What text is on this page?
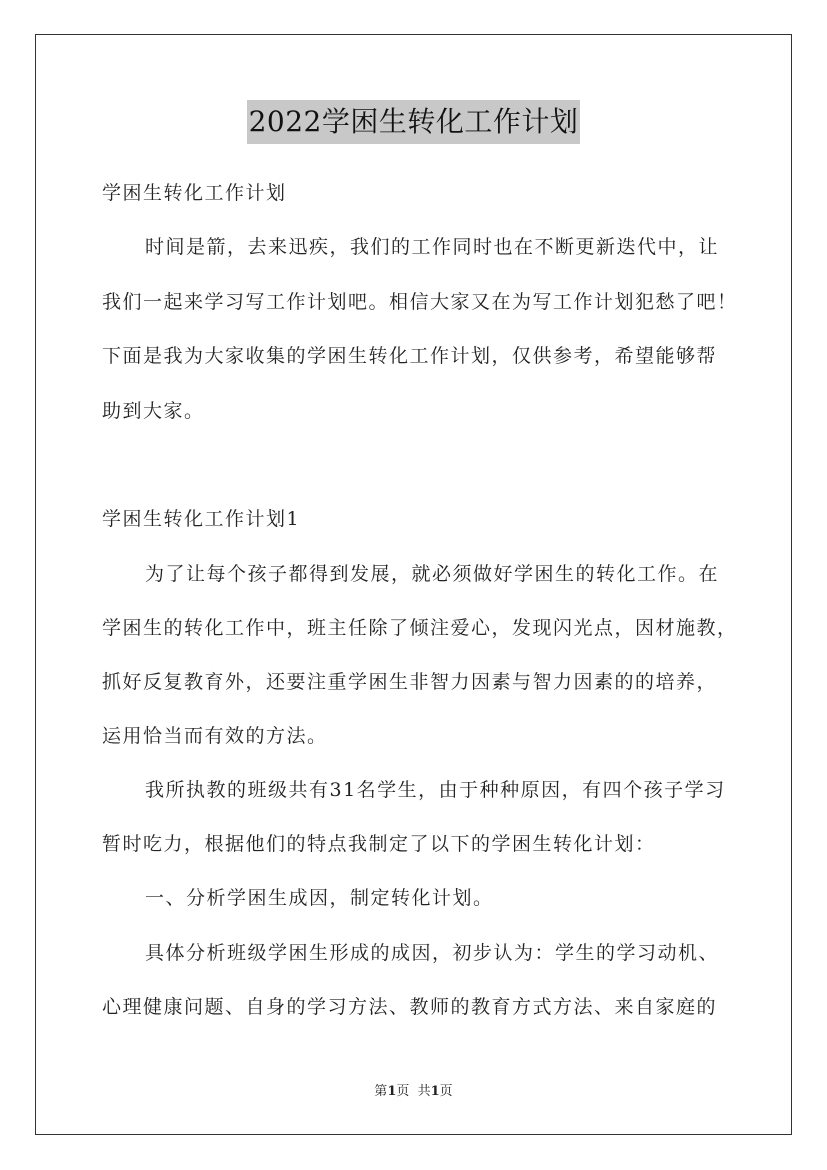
2022学困生转化工作计划
学困生转化工作计划
时间是箭，去来迅疾，我们的工作同时也在不断更新迭代中，让
我们一起来学习写工作计划吧。相信大家又在为写工作计划犯愁了吧！
下面是我为大家收集的学困生转化工作计划，仅供参考，希望能够帮
助到大家。
学困生转化工作计划1
为了让每个孩子都得到发展，就必须做好学困生的转化工作。在
学困生的转化工作中，班主任除了倾注爱心，发现闪光点，因材施教，
抓好反复教育外，还要注重学困生非智力因素与智力因素的的培养，
运用恰当而有效的方法。
我所执教的班级共有31名学生，由于种种原因，有四个孩子学习
暂时吃力，根据他们的特点我制定了以下的学困生转化计划：
一、分析学困生成因，制定转化计划。
具体分析班级学困生形成的成因，初步认为：学生的学习动机、
心理健康问题、自身的学习方法、教师的教育方式方法、来自家庭的
第1页  共1页
